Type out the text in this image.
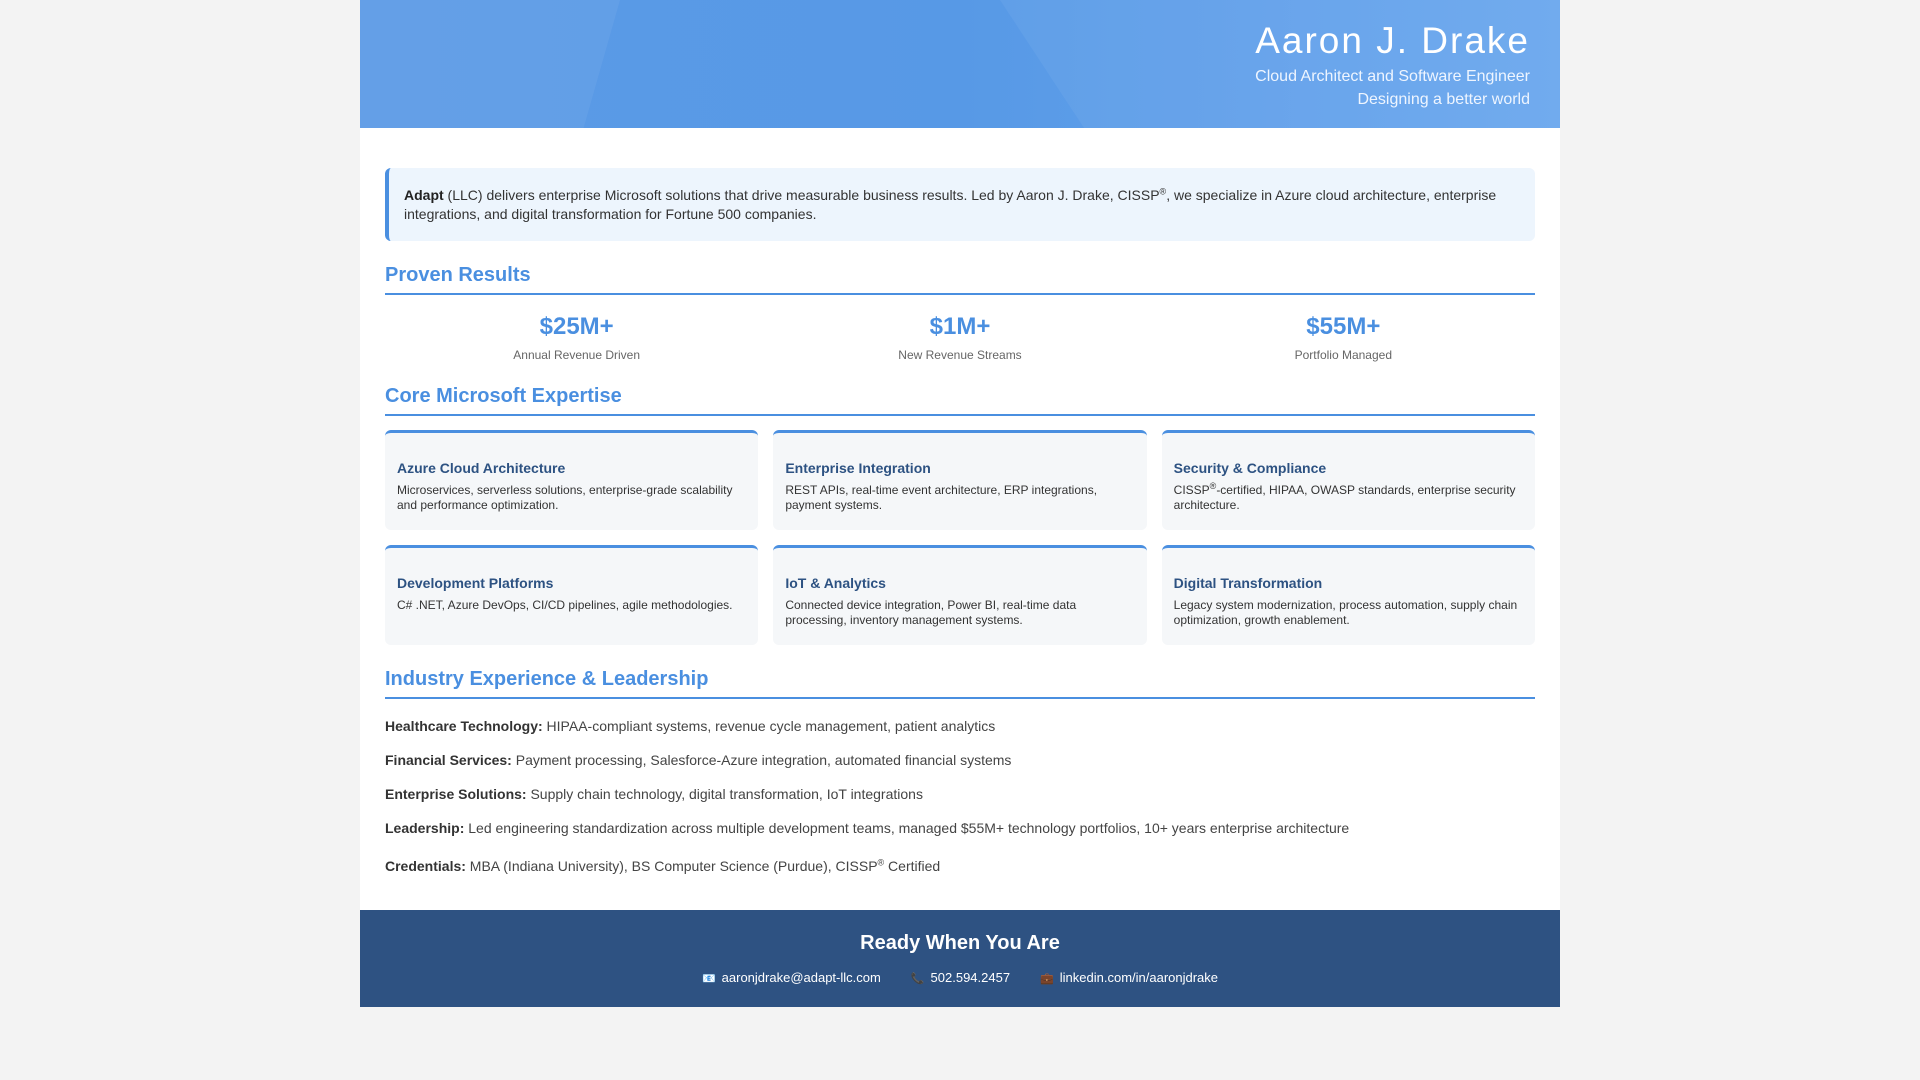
Aaron J. Drake
Cloud Architect and Software Engineer
Designing a better world
Adapt (LLC) delivers enterprise Microsoft solutions that drive measurable business results. Led by Aaron J. Drake, CISSP®, we specialize in Azure cloud architecture, enterprise integrations, and digital transformation for Fortune 500 companies.
Proven Results
$25M+
Annual Revenue Driven
$1M+
New Revenue Streams
$55M+
Portfolio Managed
Core Microsoft Expertise
Azure Cloud Architecture

Microservices, serverless solutions, enterprise-grade scalability and performance optimization.

Enterprise Integration

REST APIs, real-time event architecture, ERP integrations, payment systems.

Security & Compliance

CISSP®-certified, HIPAA, OWASP standards, enterprise security architecture.

Development Platforms

C# .NET, Azure DevOps, CI/CD pipelines, agile methodologies.

IoT & Analytics

Connected device integration, Power BI, real-time data processing, inventory management systems.

Digital Transformation

Legacy system modernization, process automation, supply chain optimization, growth enablement.

Industry Experience & Leadership
Healthcare Technology: HIPAA-compliant systems, revenue cycle management, patient analytics
Financial Services: Payment processing, Salesforce-Azure integration, automated financial systems
Enterprise Solutions: Supply chain technology, digital transformation, IoT integrations
Leadership: Led engineering standardization across multiple development teams, managed $55M+ technology portfolios, 10+ years enterprise architecture
Credentials: MBA (Indiana University), BS Computer Science (Purdue), CISSP® Certified
Ready When You Are
📧 aaronjdrake@adapt-llc.com	📞 502.594.2457	💼 linkedin.com/in/aaronjdrake
